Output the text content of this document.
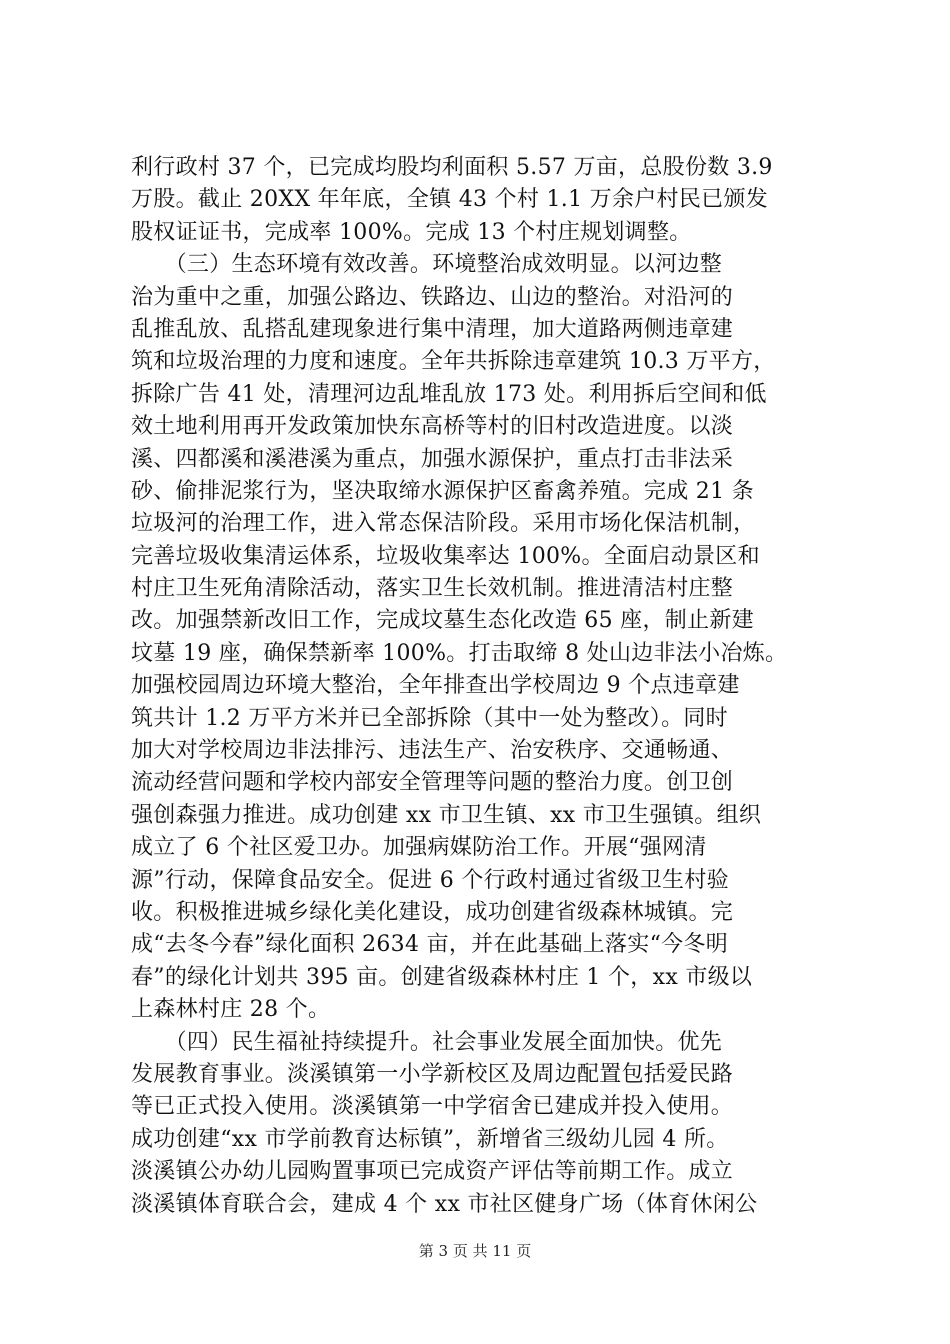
利行政村 37 个，已完成均股均利面积 5.57 万亩，总股份数 3.9
万股。截止 20XX 年年底，全镇 43 个村 1.1 万余户村民已颁发
股权证证书，完成率 100%。完成 13 个村庄规划调整。
　　（三）生态环境有效改善。环境整治成效明显。以河边整
治为重中之重，加强公路边、铁路边、山边的整治。对沿河的
乱推乱放、乱搭乱建现象进行集中清理，加大道路两侧违章建
筑和垃圾治理的力度和速度。全年共拆除违章建筑 10.3 万平方，
拆除广告 41 处，清理河边乱堆乱放 173 处。利用拆后空间和低
效土地利用再开发政策加快东高桥等村的旧村改造进度。以淡
溪、四都溪和溪港溪为重点，加强水源保护，重点打击非法采
砂、偷排泥浆行为，坚决取缔水源保护区畜禽养殖。完成 21 条
垃圾河的治理工作，进入常态保洁阶段。采用市场化保洁机制，
完善垃圾收集清运体系，垃圾收集率达 100%。全面启动景区和
村庄卫生死角清除活动，落实卫生长效机制。推进清洁村庄整
改。加强禁新改旧工作，完成坟墓生态化改造 65 座，制止新建
坟墓 19 座，确保禁新率 100%。打击取缔 8 处山边非法小冶炼。
加强校园周边环境大整治，全年排查出学校周边 9 个点违章建
筑共计 1.2 万平方米并已全部拆除（其中一处为整改）。同时
加大对学校周边非法排污、违法生产、治安秩序、交通畅通、
流动经营问题和学校内部安全管理等问题的整治力度。创卫创
强创森强力推进。成功创建 xx 市卫生镇、xx 市卫生强镇。组织
成立了 6 个社区爱卫办。加强病媒防治工作。开展“强网清
源”行动，保障食品安全。促进 6 个行政村通过省级卫生村验
收。积极推进城乡绿化美化建设，成功创建省级森林城镇。完
成“去冬今春”绿化面积 2634 亩，并在此基础上落实“今冬明
春”的绿化计划共 395 亩。创建省级森林村庄 1 个，xx 市级以
上森林村庄 28 个。
　　（四）民生福祉持续提升。社会事业发展全面加快。优先
发展教育事业。淡溪镇第一小学新校区及周边配置包括爱民路
等已正式投入使用。淡溪镇第一中学宿舍已建成并投入使用。
成功创建“xx 市学前教育达标镇”，新增省三级幼儿园 4 所。
淡溪镇公办幼儿园购置事项已完成资产评估等前期工作。成立
淡溪镇体育联合会，建成 4 个 xx 市社区健身广场（体育休闲公
第 3 页 共 11 页
